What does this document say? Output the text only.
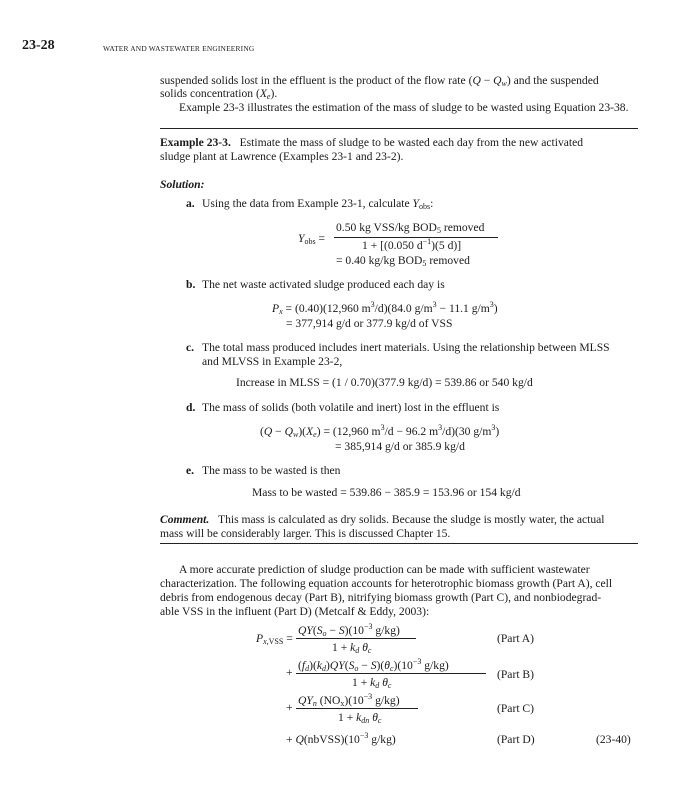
23-28	WATER AND WASTEWATER ENGINEERING
suspended solids lost in the effluent is the product of the flow rate $(Q - Q_w)$ and the suspended
solids concentration $(X_e)$.
Example 23-3 illustrates the estimation of the mass of sludge to be wasted using Equation 23-38.
Example 23-3. Estimate the mass of sludge to be wasted each day from the new activated
sludge plant at Lawrence (Examples 23-1 and 23-2).
Solution:
a. Using the data from Example 23-1, calculate $Y_{obs}$:
$Y_{obs}$ =
0.50 kg VSS/kg $BOD_5$ removed
1 + [(0.050 $d^{-1})(5$ d)]
= 0.40 kg/kg $BOD_5$ removed
b. The net waste activated sludge produced each day is
$P_x = (0.40)(12,960$ $m^3/d)(84.0$ $g/m^3 - 11.1$ $g/m^3$)
= 377,914 g/d or 377.9 kg/d of VSS
c. The total mass produced includes inert materials. Using the relationship between MLSS
and MLVSS in Example 23-2,
Increase in MLSS = (1 / 0.70)(377.9 kg/d) = 539.86 or 540 kg/d
d. The mass of solids (both volatile and inert) lost in the effluent is
$(Q - Q_w)(X_e) = (12,960$ $m^3/d - 96.2$ $m^3/d)(30$ $g/m^3$)
= 385,914 g/d or 385.9 kg/d
e. The mass to be wasted is then
Mass to be wasted = 539.86 − 385.9 = 153.96 or 154 kg/d
Comment. This mass is calculated as dry solids. Because the sludge is mostly water, the actual
mass will be considerably larger. This is discussed Chapter 15.
A more accurate prediction of sludge production can be made with sufficient wastewater
characterization. The following equation accounts for heterotrophic biomass growth (Part A), cell
debris from endogenous decay (Part B), nitrifying biomass growth (Part C), and nonbiodegrad-
able VSS in the influent (Part D) (Metcalf & Eddy, 2003):
$P_{x,VSS}$ =
$QY(S_o - S)(10^{-3}$ g/kg)
$1 + k_d$ $\theta_c$
(Part A)
+
$(f_d)(k_d)QY(S_o - S)(\theta_c)(10^{-3}$ g/kg)
$1 + k_d$ $\theta_c$
(Part B)
+
$QY_n$ $(NO_x)(10^{-3}$ g/kg)
$1 + k_{dn}$ $\theta_c$
(Part C)
+ $Q(nbVSS)(10^{-3}$ g/kg)	(Part D)	(23-40)
